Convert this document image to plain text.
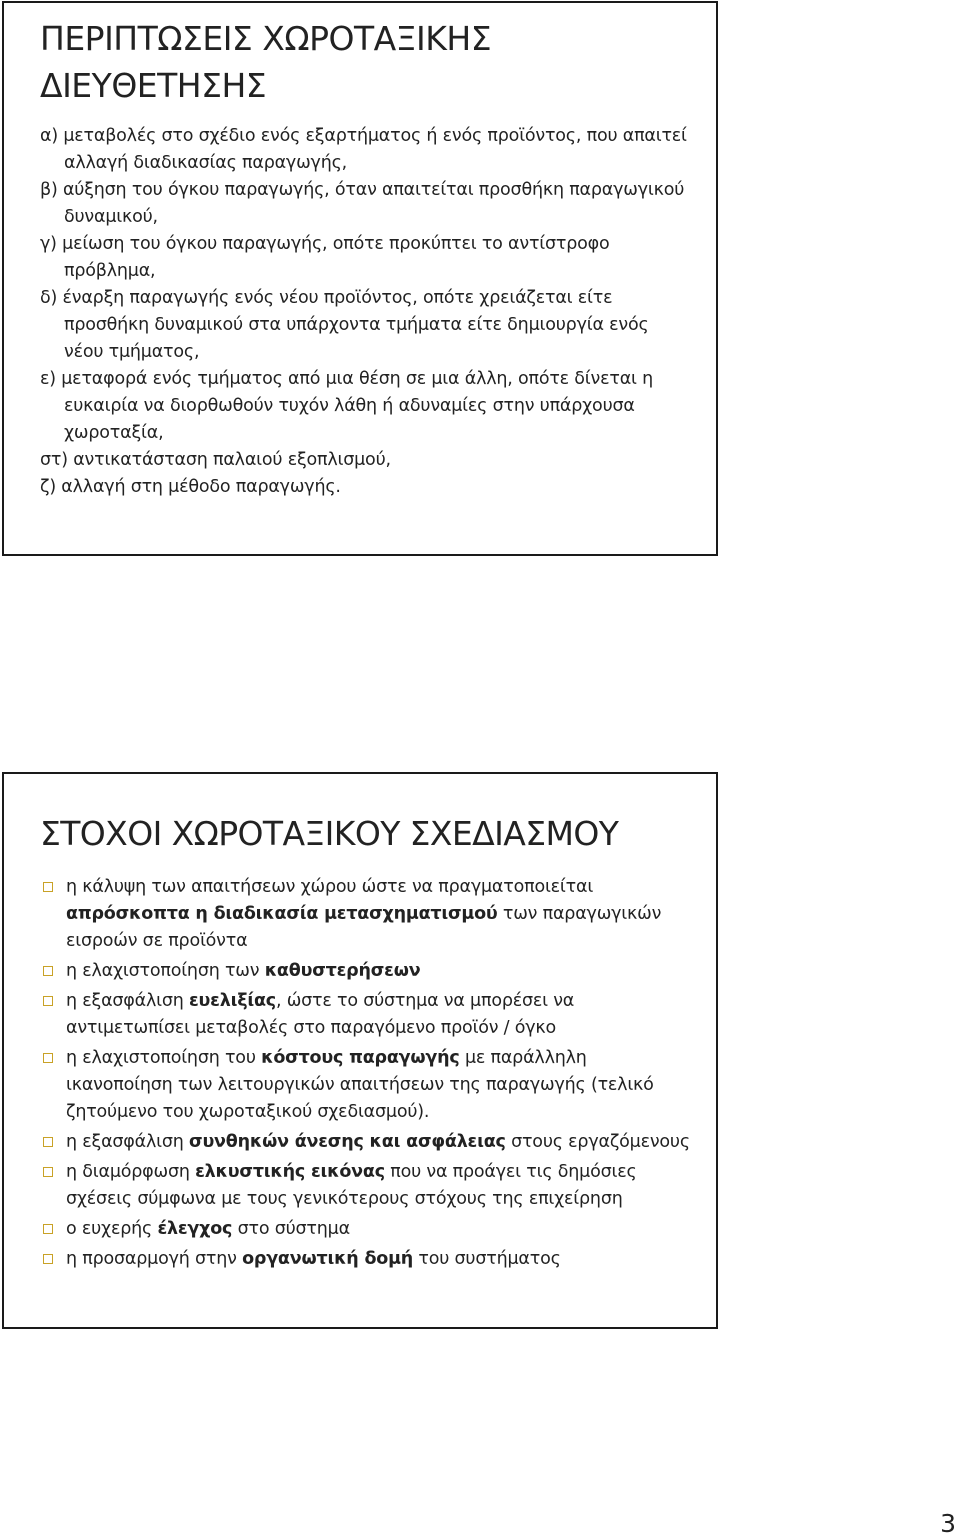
ΠΕΡΙΠΤΩΣΕΙΣ ΧΩΡΟΤΑΞΙΚΗΣ ΔΙΕΥΘΕΤΗΣΗΣ
α) μεταβολές στο σχέδιο ενός εξαρτήματος ή ενός προϊόντος, που απαιτεί αλλαγή διαδικασίας παραγωγής,
β) αύξηση του όγκου παραγωγής, όταν απαιτείται προσθήκη παραγωγικού δυναμικού,
γ) μείωση του όγκου παραγωγής, οπότε προκύπτει το αντίστροφο πρόβλημα,
δ) έναρξη παραγωγής ενός νέου προϊόντος, οπότε χρειάζεται είτε προσθήκη δυναμικού στα υπάρχοντα τμήματα είτε δημιουργία ενός νέου τμήματος,
ε) μεταφορά ενός τμήματος από μια θέση σε μια άλλη, οπότε δίνεται η ευκαιρία να διορθωθούν τυχόν λάθη ή αδυναμίες στην υπάρχουσα χωροταξία,
στ) αντικατάσταση παλαιού εξοπλισμού,
ζ) αλλαγή στη μέθοδο παραγωγής.
ΣΤΟΧΟΙ ΧΩΡΟΤΑΞΙΚΟΥ ΣΧΕΔΙΑΣΜΟΥ
η κάλυψη των απαιτήσεων χώρου ώστε να πραγματοποιείται απρόσκοπτα η διαδικασία μετασχηματισμού των παραγωγικών εισροών σε προϊόντα
η ελαχιστοποίηση των καθυστερήσεων
η εξασφάλιση ευελιξίας, ώστε το σύστημα να μπορέσει να αντιμετωπίσει μεταβολές στο παραγόμενο προϊόν / όγκο
η ελαχιστοποίηση του κόστους παραγωγής με παράλληλη ικανοποίηση των λειτουργικών απαιτήσεων της παραγωγής (τελικό ζητούμενο του χωροταξικού σχεδιασμού).
η εξασφάλιση συνθηκών άνεσης και ασφάλειας στους εργαζόμενους
η διαμόρφωση ελκυστικής εικόνας που να προάγει τις δημόσιες σχέσεις σύμφωνα με τους γενικότερους στόχους της επιχείρηση
ο ευχερής έλεγχος στο σύστημα
η προσαρμογή στην οργανωτική δομή του συστήματος
3
